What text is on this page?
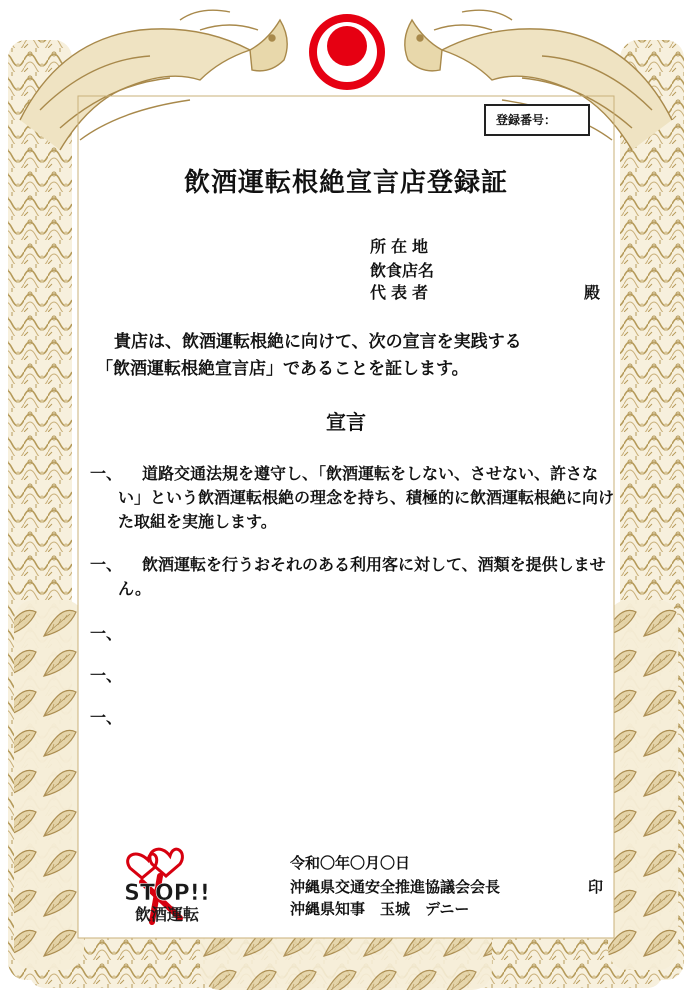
登録番号：
飲酒運転根絶宣言店登録証
所在地
飲食店名
代表者	殿
貴店は、飲酒運転根絶に向けて、次の宣言を実践する
「飲酒運転根絶宣言店」であることを証します。
宣言
一、	道路交通法規を遵守し、「飲酒運転をしない、させない、許さない」という飲酒運転根絶の理念を持ち、積極的に飲酒運転根絶に向けた取組を実施します。
一、	飲酒運転を行うおそれのある利用客に対して、酒類を提供しません。
一、
一、
一、
令和〇年〇月〇日
沖縄県交通安全推進協議会会長	印
沖縄県知事　玉城　デニー
STOP!!
飲酒運転
